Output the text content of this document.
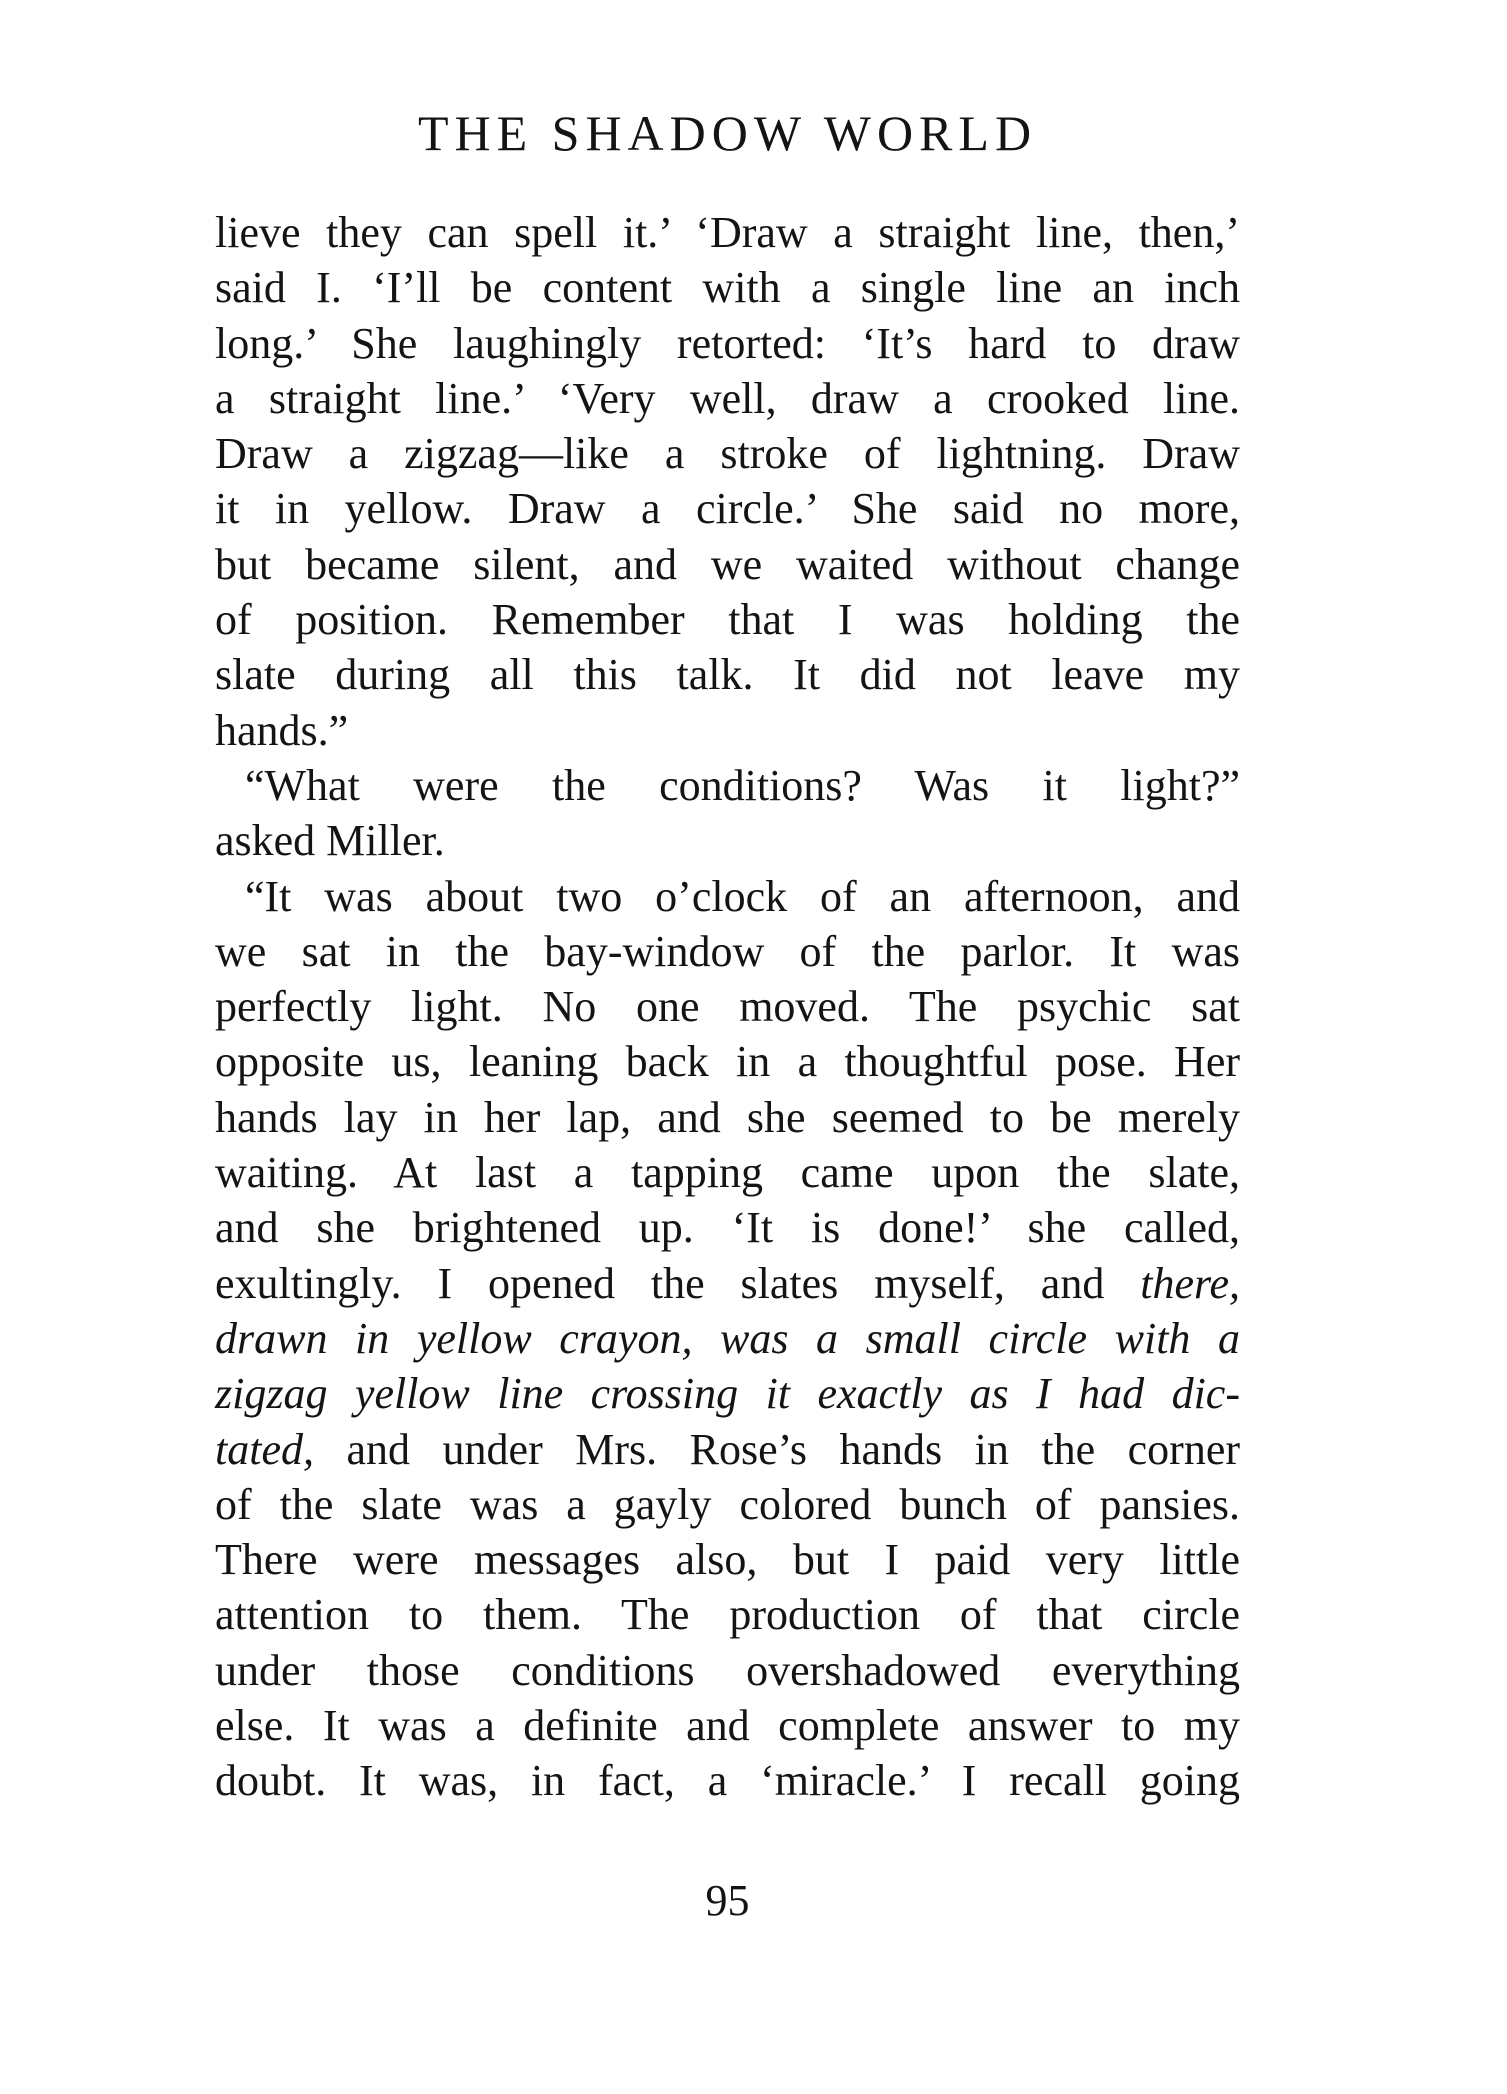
THE SHADOW WORLD
lieve they can spell it.’ ‘Draw a straight line, then,’
said I. ‘I’ll be content with a single line an inch
long.’ She laughingly retorted: ‘It’s hard to draw
a straight line.’ ‘Very well, draw a crooked line.
Draw a zigzag—like a stroke of lightning. Draw
it in yellow. Draw a circle.’ She said no more,
but became silent, and we waited without change
of position. Remember that I was holding the
slate during all this talk. It did not leave my
hands.”
“What were the conditions? Was it light?”
asked Miller.
“It was about two o’clock of an afternoon, and
we sat in the bay-window of the parlor. It was
perfectly light. No one moved. The psychic sat
opposite us, leaning back in a thoughtful pose. Her
hands lay in her lap, and she seemed to be merely
waiting. At last a tapping came upon the slate,
and she brightened up. ‘It is done!’ she called,
exultingly. I opened the slates myself, and there,
drawn in yellow crayon, was a small circle with a
zigzag yellow line crossing it exactly as I had dic-
tated, and under Mrs. Rose’s hands in the corner
of the slate was a gayly colored bunch of pansies.
There were messages also, but I paid very little
attention to them. The production of that circle
under those conditions overshadowed everything
else. It was a definite and complete answer to my
doubt. It was, in fact, a ‘miracle.’ I recall going
95
